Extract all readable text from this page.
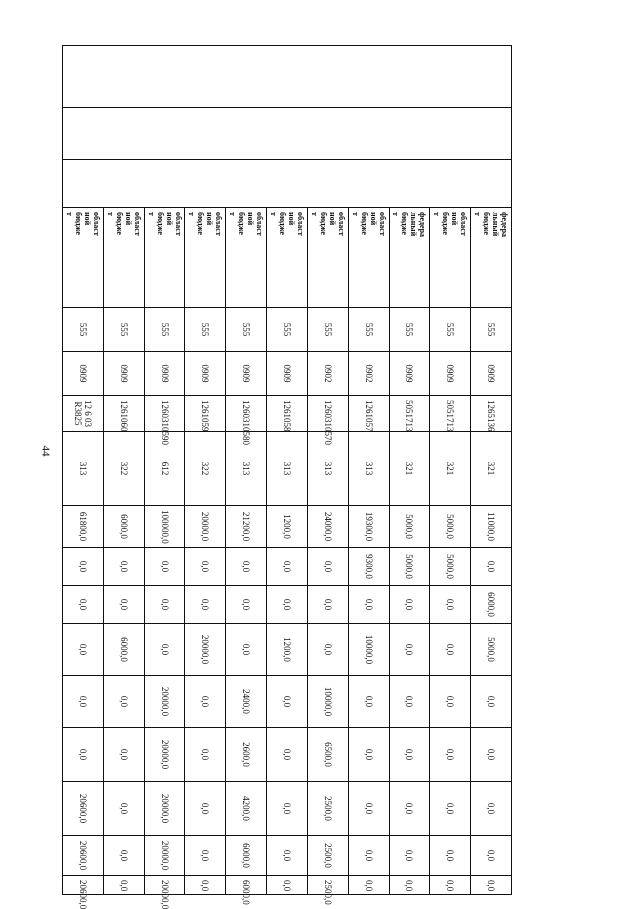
44
			федера
льный
бюдже
т	555	0909	1265136	321	11000,0	0,0	6000,0	5000,0	0,0	0,0	0,0	0,0	0,0
			област
ной
бюдже
т	555	0909	5051713	321	5000,0	5000,0	0,0	0,0	0,0	0,0	0,0	0,0	0,0
			федера
льный
бюдже
т	555	0909	5051713	321	5000,0	5000,0	0,0	0,0	0,0	0,0	0,0	0,0	0,0
			област
ной
бюдже
т	555	0902	1261057	313	19300,0	9300,0	0,0	10000,0	0,0	0,0	0,0	0,0	0,0
			област
ной
бюдже
т	555	0902	1260310570	313	24000,0	0,0	0,0	0,0	10000,0	6500,0	2500,0	2500,0	2500,0
			област
ной
бюдже
т	555	0909	1261058	313	1200,0	0,0	0,0	1200,0	0,0	0,0	0,0	0,0	0,0
			област
ной
бюдже
т	555	0909	1260310580	313	21200,0	0,0	0,0	0,0	2400,0	2600,0	4200,0	6000,0	6000,0
			област
ной
бюдже
т	555	0909	1261059	322	20000,0	0,0	0,0	20000,0	0,0	0,0	0,0	0,0	0,0
			област
ной
бюдже
т	555	0909	1260310590	612	100000,0	0,0	0,0	0,0	20000,0	20000,0	20000,0	20000,0	20000,0
			област
ной
бюдже
т	555	0909	1261060	322	6000,0	0,0	0,0	6000,0	0,0	0,0	0,0	0,0	0,0
			област
ной
бюдже
т	555	0909	12 6 03 R3825	313	61800,0	0,0	0,0	0,0	0,0	0,0	20600,0	20600,0	20600,0
